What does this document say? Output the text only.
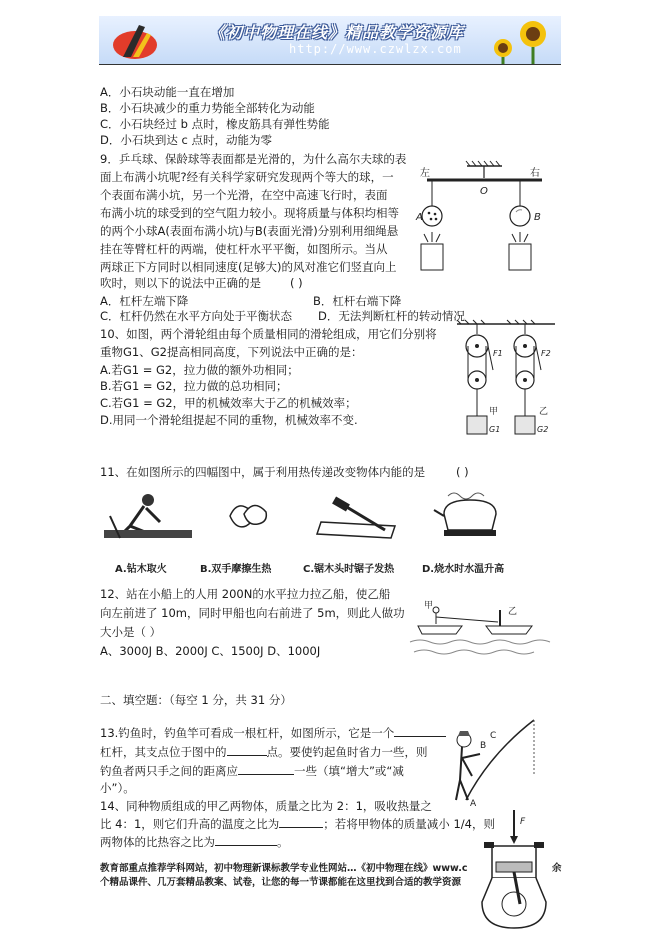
《初中物理在线》精品教学资源库
http://www.czwlzx.com
A．小石块动能一直在增加
B．小石块减少的重力势能全部转化为动能
C．小石块经过 b 点时，橡皮筋具有弹性势能
D．小石块到达 c 点时，动能为零
9．乒乓球、保龄球等表面都是光滑的，为什么高尔夫球的表
面上布满小坑呢?经有关科学家研究发现两个等大的球，一
个表面布满小坑，另一个光滑，在空中高速飞行时，表面
布满小坑的球受到的空气阻力较小。现将质量与体积均相等
的两个小球A(表面布满小坑)与B(表面光滑)分别利用细绳悬
挂在等臂杠杆的两端，使杠杆水平平衡，如图所示。当从
两球正下方同时以相同速度(足够大)的风对准它们竖直向上
吹时，则以下的说法中正确的是	( )
A．杠杆左端下降	B．杠杆右端下降
C．杠杆仍然在水平方向处于平衡状态 D．无法判断杠杆的转动情况
左	右
O
A	B
10、如图，两个滑轮组由每个质量相同的滑轮组成，用它们分别将
重物G1、G2提高相同高度，下列说法中正确的是：
A.若G1 = G2，拉力做的额外功相同；
B.若G1 = G2，拉力做的总功相同；
C.若G1 = G2，甲的机械效率大于乙的机械效率；
D.用同一个滑轮组提起不同的重物，机械效率不变.
F1	F2
甲	乙
G1	G2
11、在如图所示的四幅图中，属于利用热传递改变物体内能的是	( )
A.钻木取火	B.双手摩擦生热	C.锯木头时锯子发热	D.烧水时水温升高
12、站在小船上的人用 200N的水平拉力拉乙船，使乙船
向左前进了 10m，同时甲船也向右前进了 5m，则此人做功
大小是（ ）
A、3000J B、2000J C、1500J D、1000J
甲
乙
二、填空题：（每空 1 分，共 31 分）
13.钓鱼时，钓鱼竿可看成一根杠杆，如图所示，它是一个
杠杆，其支点位于图中的	点。要使钓起鱼时省力一些，则
钓鱼者两只手之间的距离应	一些（填“增大”或“减
小”）。
B
C
A
14、同种物质组成的甲乙两物体，质量之比为 2：1，吸收热量之
比 4：1，则它们升高的温度之比为	；若将甲物体的质量减小 1/4，则
两物体的比热容之比为	。
F
教育部重点推荐学科网站，初中物理新课标教学专业性网站…《初中物理在线》www.c	余
个精品课件、几万套精品教案、试卷，让您的每一节课都能在这里找到合适的教学资源
